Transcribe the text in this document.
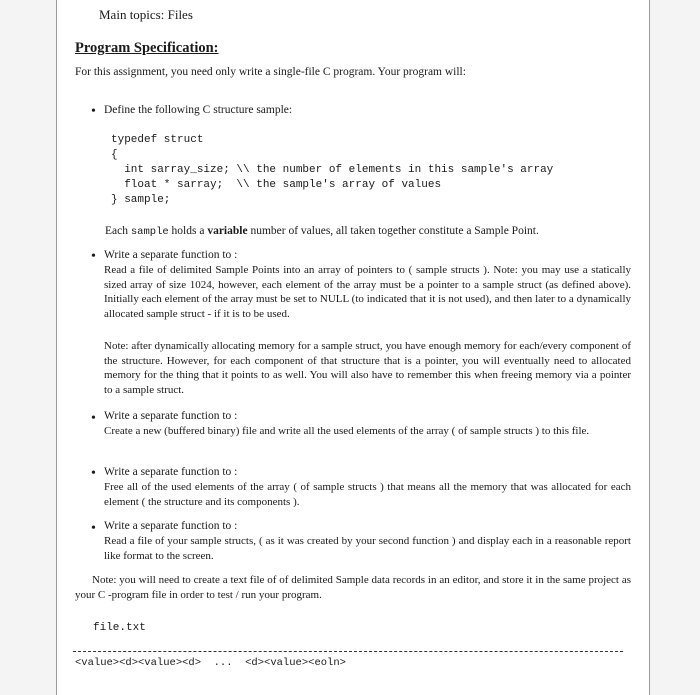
Main topics: Files
Program Specification:
For this assignment, you need only write a single-file C program. Your program will:
• Define the following C structure sample:
typedef struct
{
int sarray_size; \\ the number of elements in this sample's array
float * sarray;  \\ the sample's array of values
} sample;
Each sample holds a variable number of values, all taken together constitute a Sample Point.
• Write a separate function to :
Read a file of delimited Sample Points into an array of pointers to ( sample structs ). Note: you may use a statically sized array of size 1024, however, each element of the array must be a pointer to a sample struct (as defined above). Initially each element of the array must be set to NULL (to indicated that it is not used), and then later to a dynamically allocated sample struct - if it is to be used.
Note: after dynamically allocating memory for a sample struct, you have enough memory for each/every component of the structure. However, for each component of that structure that is a pointer, you will eventually need to allocated memory for the thing that it points to as well. You will also have to remember this when freeing memory via a pointer to a sample struct.
• Write a separate function to :
Create a new (buffered binary) file and write all the used elements of the array ( of sample structs ) to this file.
• Write a separate function to :
Free all of the used elements of the array ( of sample structs ) that means all the memory that was allocated for each element ( the structure and its components ).
• Write a separate function to :
Read a file of your sample structs, ( as it was created by your second function ) and display each in a reasonable report like format to the screen.
Note: you will need to create a text file of of delimited Sample data records in an editor, and store it in the same project as your C -program file in order to test / run your program.
file.txt
<value><d><value><d>  ...  <d><value><eoln>
